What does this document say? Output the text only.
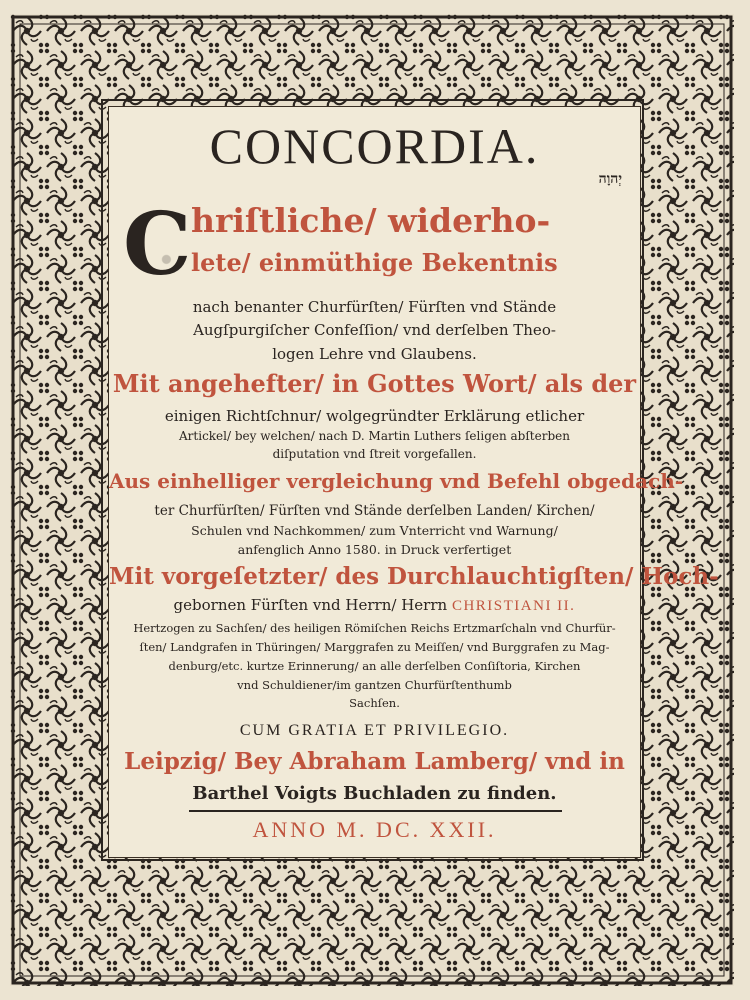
CONCORDIA.
יְהוָה
C hriſtliche/ widerho-
lete/ einmüthige Bekentnis
nach benanter Churfürſten/ Fürſten vnd Stände
Augſpurgiſcher Confeſſion/ vnd derſelben Theo-
logen Lehre vnd Glaubens.
Mit angehefter/ in Gottes Wort/ als der
einigen Richtſchnur/ wolgegründter Erklärung etlicher
Artickel/ bey welchen/ nach D. Martin Luthers ſeligen abſterben
diſputation vnd ſtreit vorgefallen.
Aus einhelliger vergleichung vnd Befehl obgedach-
ter Churfürſten/ Fürſten vnd Stände derſelben Landen/ Kirchen/
Schulen vnd Nachkommen/ zum Vnterricht vnd Warnung/
anfenglich Anno 1580. in Druck verfertiget
Mit vorgeſetzter/ des Durchlauchtigſten/ Hoch-
gebornen Fürſten vnd Herrn/ Herrn CHRISTIANI II.
Hertzogen zu Sachſen/ des heiligen Römiſchen Reichs Ertzmarſchaln vnd Churfür-
ſten/ Landgrafen in Thüringen/ Marggrafen zu Meiſſen/ vnd Burggrafen zu Mag-
denburg/etc. kurtze Erinnerung/ an alle derſelben Conſiſtoria, Kirchen
vnd Schuldiener/im gantzen Churfürſtenthumb
Sachſen.
CUM GRATIA ET PRIVILEGIO.
Leipzig/ Bey Abraham Lamberg/ vnd in
Barthel Voigts Buchladen zu finden.
ANNO M. DC. XXII.
